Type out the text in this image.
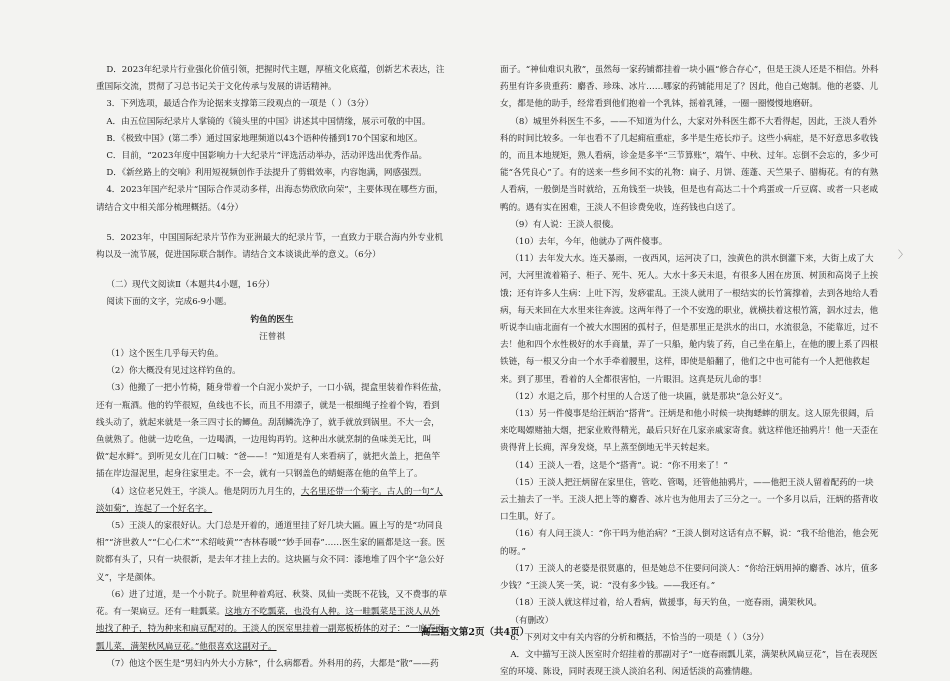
D．2023年纪录片行业强化价值引领，把握时代主题，厚植文化底蕴，创新艺术表达，注重国际交流，贯彻了习总书记关于文化传承与发展的讲话精神。

3．下列选项，最适合作为论据来支撑第三段观点的一项是（ ）（3分）

A．由五位国际纪录片人掌镜的《镜头里的中国》讲述其中国情缘，展示可敬的中国。

B．《极致中国》(第二季）通过国家地理频道以43个语种传播到170个国家和地区。

C．目前，“2023年度中国影响力十大纪录片”评选活动举办，活动评选出优秀作品。

D．《新丝路上的交响》利用短视频创作手法提升了剪辑效率，内容饱满，网感强烈。

4．2023年国产纪录片“国际合作灵动多样，出海态势欣欣向荣”，主要体现在哪些方面，请结合文中相关部分梳理概括。（4分）

5．2023年，中国国际纪录片节作为亚洲最大的纪录片节，一直致力于联合海内外专业机构以及一流节展，促进国际联合制作。请结合文本谈谈此举的意义。（6分）

（二）现代文阅读Ⅱ（本题共4小题，16分）

阅读下面的文字，完成6-9小题。

钓鱼的医生

汪曾祺

（1）这个医生几乎每天钓鱼。

（2）你大概没有见过这样钓鱼的。

（3）他搬了一把小竹椅，随身带着一个白泥小炭炉子，一口小锅，提盒里装着作料佐盐，还有一瓶酒。他的钓竿很短，鱼线也不长，而且不用漂子，就是一根细绳子拴着个钩，看到线头动了，就起来就是一条三四寸长的鲫鱼。刮刮鳞洗净了，就手就放到锅里。不大一会，鱼就熟了。他就一边吃鱼，一边喝酒，一边甩钩再钓。这种出水就烹制的鱼味美无比，叫做“起水鲜”。到听见女儿在门口喊：“爸——！”知道是有人来看病了，就把火盖上，把鱼竿插在岸边湿泥里，起身往家里走。不一会，就有一只钢盖色的蜻蜓落在他的鱼竿上了。

（4）这位老兄姓王，字淡人。他是阴历九月生的，大名里还带一个菊字。古人的一句“人淡如菊”，连起了一个好名字。

（5）王淡人的家很好认。大门总是开着的，通道里挂了好几块大匾。匾上写的是“功同良相”“济世救人”“仁心仁术”“术绍岐黄”“杏林春暖”“妙手回春”……医生家的匾都是这一套。医院都有头了，只有一块很新，是去年才挂上去的。这块匾与众不同：漆地堆了四个字“急公好义”，字是颜体。

（6）进了过道，是一个小院子。院里种着鸡冠、秋葵、凤仙一类既不花钱，又不费事的草花。有一架扁豆。还有一畦瓢菜。这地方不吃瓢菜，也没有人种。这一畦瓢菜是王淡人从外地找了种子，特为种来和扁豆配对的。王淡人的医室里挂着一副郑板桥体的对子：“一庭春雨瓢儿菜，满架秋风扁豆花。”他很喜欢这副对子。

（7）他这个医生是“男妇内外大小方脉”，什么病都看。外科用的药，大都是“散”——药

面子。“神仙难识丸散”，虽然每一家药铺都挂着一块小匾“修合存心”，但是王淡人还是不相信。外科药里有许多贵重药：麝香、珍珠、冰片……哪家的药铺能用足了？因此，他自己炮制。他的老婆、儿女，都是他的助手，经常看到他们抱着一个乳钵，摇着乳锤，一圈一圈慢慢地磨研。

（8）城里外科医生不多，——不知道为什么，大家对外科医生都不大看得起，因此，王淡人看外科的时间比较多。一年也看不了几起痈疽重症，多半是生疮长疖子。这些小病症，是不好意思多收钱的，而且本地规矩，熟人看病，诊金是多半“三节算账”，端午、中秋、过年。忘倒不会忘的，多少可能“各凭良心”了。有的送来一些乡间不实的礼物：扁子、月饼、莲蓬、天竺果子、腊梅花。有的有熟人看病，一般倒是当时就给，五角钱至一块钱，但是也有高达二十个鸡蛋或一斤豆腐、或者一只老咸鸭的。遇有实在困难，王淡人不但诊费免收，连药钱也白送了。

（9）有人说：王淡人很傻。

（10）去年，今年，他就办了两件傻事。

（11）去年发大水。连天暴雨，一夜西风，运河决了口，浊黄色的洪水倒灌下来，大街上成了大河，大河里流着箱子、柜子、死牛、死人。大水十多天未退，有很多人困在房顶、树顶和高岗子上挨饿；还有许多人生病：上吐下泻，发痧霍乱。王淡人就用了一根结实的长竹篙撑着，去到各地给人看病，每天来回在大水里来往奔波。这两年得了一个不安逸的职业，就横扶着这根竹篙，泅水过去，他听说李山庙北面有一个被大水围困的孤村子，但是那里正是洪水的出口，水流很急，不能靠近，过不去！他和四个水性极好的水手商量，弄了一只船，舱内装了药，自己坐在船上，在他的腰上系了四根铁链，每一根又分由一个水手牵着腰里，这样，即使是船翻了，他们之中也可能有一个人把他救起来。到了那里，看着的人全都很害怕，一片眼泪。这真是玩儿命的事！

（12）水退之后，那个村里的人合送了他一块匾，就是那块“急公好义”。

（13）另一件傻事是给汪炳治“搭背”。汪炳是和他小时候一块掏蟋蟀的朋友。这人原先很阔，后来吃喝嫖赌抽大烟，把家业败得精光，最后只好在几家亲戚家寄食。就这样他还抽鸦片！他一天歪在贵得背上长痈，浑身发烧，早上蒸至倒地无半天转起来。

（14）王淡人一看，这是个“搭背”。说：“你不用来了！”

（15）王淡人把汪炳留在家里住，管吃、管喝，还管他抽鸦片，——他把王淡人留着配药的一块云土抽去了一半。王淡人把上等的麝香、冰片也为他用去了三分之一。一个多月以后，汪炳的搭背收口生肌，好了。

（16）有人问王淡人：“你干吗为他治病？”王淡人倒对这话有点不解，说：“我不给他治，他会死的呀。”

（17）王淡人的老婆是很贤惠的，但是她总不住要问问淡人：“你给汪炳用掉的麝香、冰片，值多少钱？”王淡人笑一笑，说：“没有多少钱。——我还有。”

（18）王淡人就这样过着，给人看病，做援事，每天钓鱼，一庭春雨，满架秋风。

（有删改）

6．下列对文中有关内容的分析和概括，不恰当的一项是（ ）（3分）

A．文中描写王淡人医室时介绍挂着的那副对子“一庭春雨瓢儿菜，满架秋风扁豆花”，旨在表现医室的环境、陈设，同时表现王淡人淡泊名利、闲适恬淡的高雅情趣。

〉
高三语文第2页（共4页）
